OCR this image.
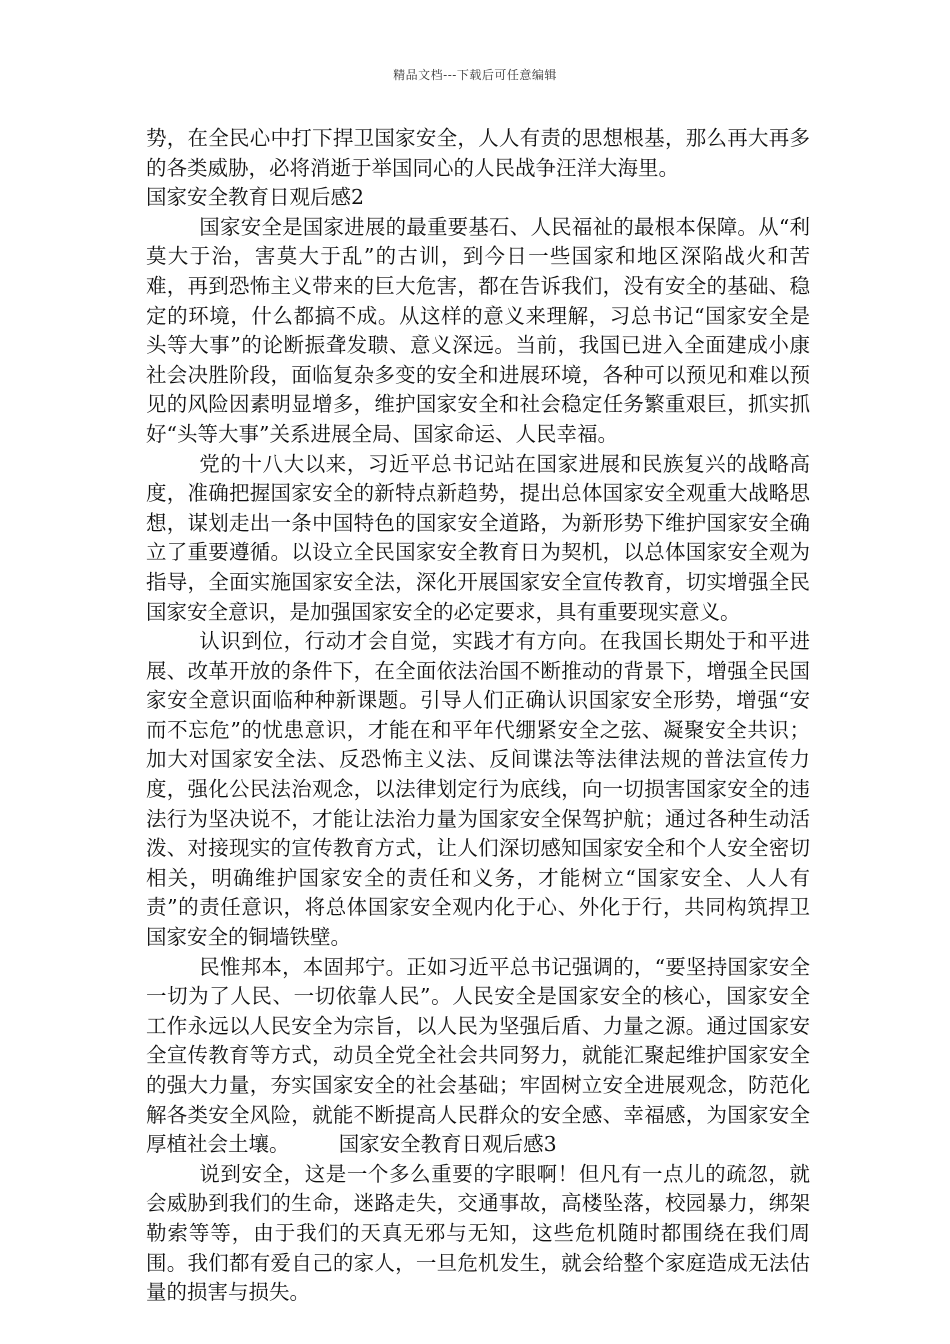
精品文档---下载后可任意编辑

势，在全民心中打下捍卫国家安全，人人有责的思想根基，那么再大再多的各类威胁，必将消逝于举国同心的人民战争汪洋大海里。

国家安全教育日观后感2

国家安全是国家进展的最重要基石、人民福祉的最根本保障。从“利莫大于治，害莫大于乱”的古训，到今日一些国家和地区深陷战火和苦难，再到恐怖主义带来的巨大危害，都在告诉我们，没有安全的基础、稳定的环境，什么都搞不成。从这样的意义来理解，习总书记“国家安全是头等大事”的论断振聋发聩、意义深远。当前，我国已进入全面建成小康社会决胜阶段，面临复杂多变的安全和进展环境，各种可以预见和难以预见的风险因素明显增多，维护国家安全和社会稳定任务繁重艰巨，抓实抓好“头等大事”关系进展全局、国家命运、人民幸福。

党的十八大以来，习近平总书记站在国家进展和民族复兴的战略高度，准确把握国家安全的新特点新趋势，提出总体国家安全观重大战略思想，谋划走出一条中国特色的国家安全道路，为新形势下维护国家安全确立了重要遵循。以设立全民国家安全教育日为契机，以总体国家安全观为指导，全面实施国家安全法，深化开展国家安全宣传教育，切实增强全民国家安全意识，是加强国家安全的必定要求，具有重要现实意义。

认识到位，行动才会自觉，实践才有方向。在我国长期处于和平进展、改革开放的条件下，在全面依法治国不断推动的背景下，增强全民国家安全意识面临种种新课题。引导人们正确认识国家安全形势，增强“安而不忘危”的忧患意识，才能在和平年代绷紧安全之弦、凝聚安全共识；加大对国家安全法、反恐怖主义法、反间谍法等法律法规的普法宣传力度，强化公民法治观念，以法律划定行为底线，向一切损害国家安全的违法行为坚决说不，才能让法治力量为国家安全保驾护航；通过各种生动活泼、对接现实的宣传教育方式，让人们深切感知国家安全和个人安全密切相关，明确维护国家安全的责任和义务，才能树立“国家安全、人人有责”的责任意识，将总体国家安全观内化于心、外化于行，共同构筑捍卫国家安全的铜墙铁壁。

民惟邦本，本固邦宁。正如习近平总书记强调的，“要坚持国家安全一切为了人民、一切依靠人民”。人民安全是国家安全的核心，国家安全工作永远以人民安全为宗旨，以人民为坚强后盾、力量之源。通过国家安全宣传教育等方式，动员全党全社会共同努力，就能汇聚起维护国家安全的强大力量，夯实国家安全的社会基础；牢固树立安全进展观念，防范化解各类安全风险，就能不断提高人民群众的安全感、幸福感，为国家安全厚植社会土壤。 国家安全教育日观后感3

说到安全，这是一个多么重要的字眼啊！但凡有一点儿的疏忽，就会威胁到我们的生命，迷路走失，交通事故，高楼坠落，校园暴力，绑架勒索等等，由于我们的天真无邪与无知，这些危机随时都围绕在我们周围。我们都有爱自己的家人，一旦危机发生，就会给整个家庭造成无法估量的损害与损失。
